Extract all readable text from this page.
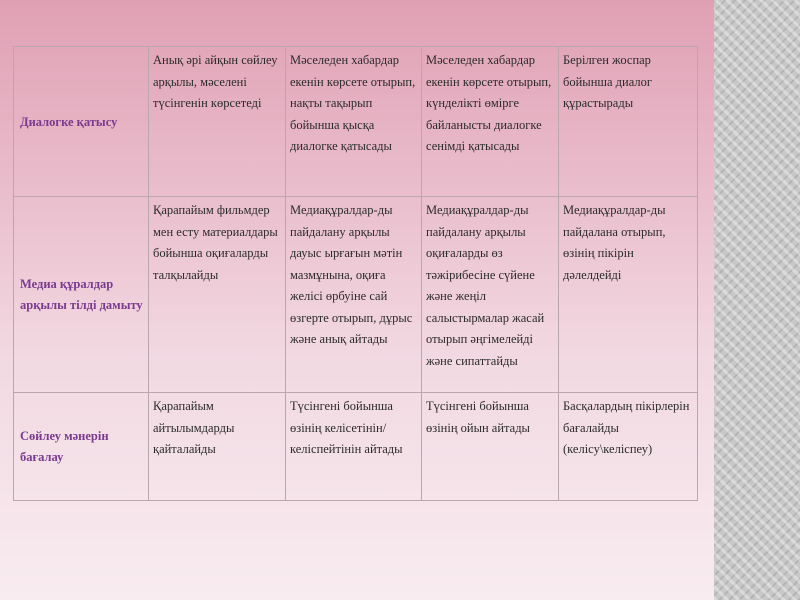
Диалогке қатысу	Анық әрі айқын сөйлеу арқылы, мәселені түсінгенін көрсетеді	Мәселеден хабардар екенін көрсете отырып, нақты тақырып бойынша қысқа диалогке қатысады	Мәселеден хабардар екенін көрсете отырып, күнделікті өмірге байланысты диалогке сенімді қатысады	Берілген жоспар бойынша диалог құрастырады
Медиа құралдар арқылы тілді дамыту	Қарапайым фильмдер мен есту материалдары бойынша оқиғаларды талқылайды	Медиақұралдар-ды пайдалану арқылы дауыс ырғағын мәтін мазмұнына, оқиға желісі өрбуіне сай өзгерте отырып, дұрыс және анық айтады	Медиақұралдар-ды пайдалану арқылы оқиғаларды өз тәжірибесіне сүйене және жеңіл салыстырмалар жасай отырып әңгімелейді және сипаттайды	Медиақұралдар-ды пайдалана отырып, өзінің пікірін дәлелдейді
Сөйлеу мәнерін бағалау	Қарапайым айтылымдарды қайталайды	Түсінгені бойынша өзінің келісетінін/ келіспейтінін айтады	Түсінгені бойынша өзінің ойын айтады	Басқалардың пікірлерін бағалайды (келісу\келіспеу)
